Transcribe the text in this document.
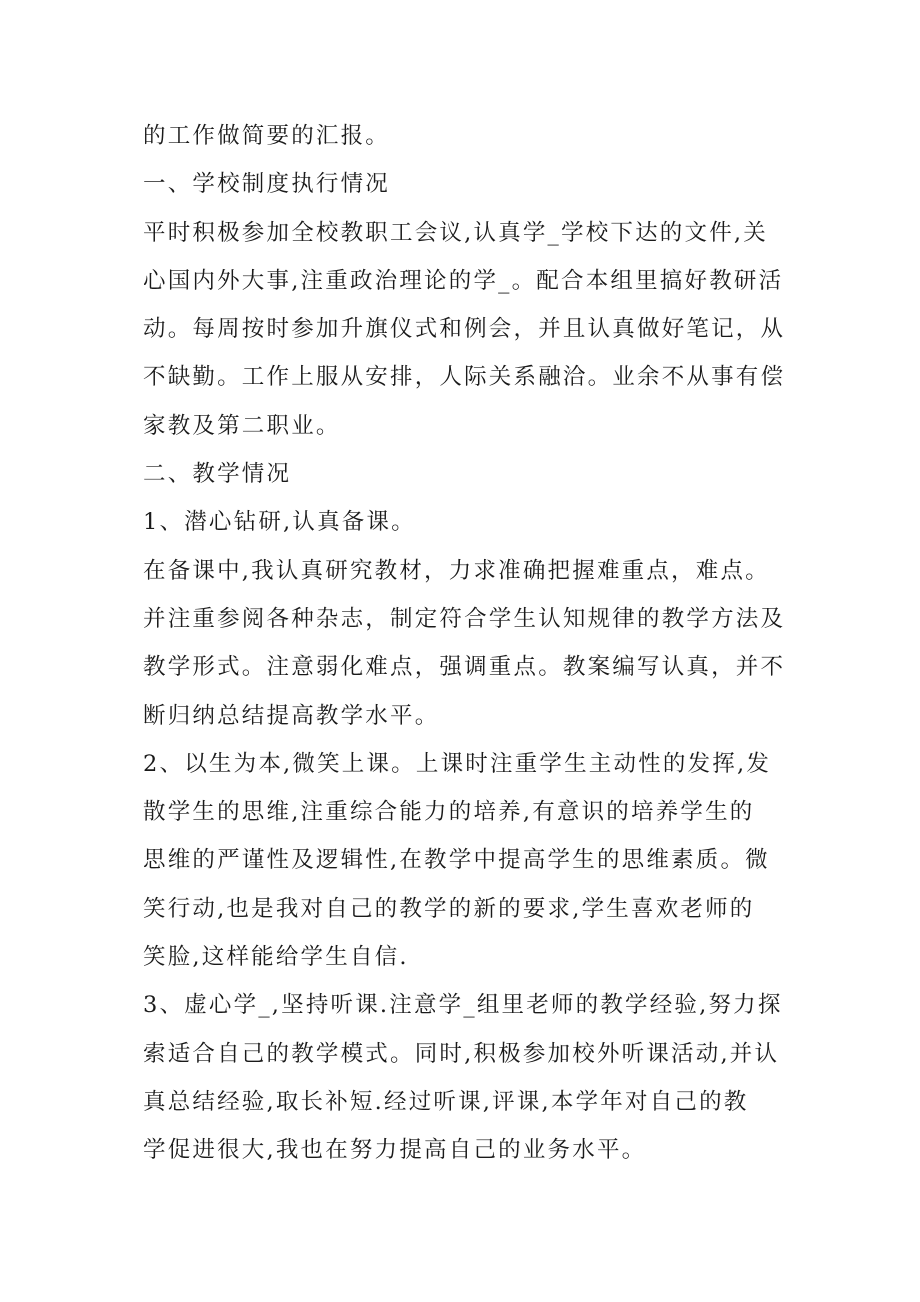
的工作做简要的汇报。
一、学校制度执行情况
平时积极参加全校教职工会议,认真学_学校下达的文件,关
心国内外大事,注重政治理论的学_。配合本组里搞好教研活
动。每周按时参加升旗仪式和例会，并且认真做好笔记，从
不缺勤。工作上服从安排，人际关系融洽。业余不从事有偿
家教及第二职业。
二、教学情况
1、潜心钻研,认真备课。
在备课中,我认真研究教材，力求准确把握难重点，难点。
并注重参阅各种杂志，制定符合学生认知规律的教学方法及
教学形式。注意弱化难点，强调重点。教案编写认真，并不
断归纳总结提高教学水平。
2、以生为本,微笑上课。上课时注重学生主动性的发挥,发
散学生的思维,注重综合能力的培养,有意识的培养学生的
思维的严谨性及逻辑性,在教学中提高学生的思维素质。微
笑行动,也是我对自己的教学的新的要求,学生喜欢老师的
笑脸,这样能给学生自信.
3、虚心学_,坚持听课.注意学_组里老师的教学经验,努力探
索适合自己的教学模式。同时,积极参加校外听课活动,并认
真总结经验,取长补短.经过听课,评课,本学年对自己的教
学促进很大,我也在努力提高自己的业务水平。
